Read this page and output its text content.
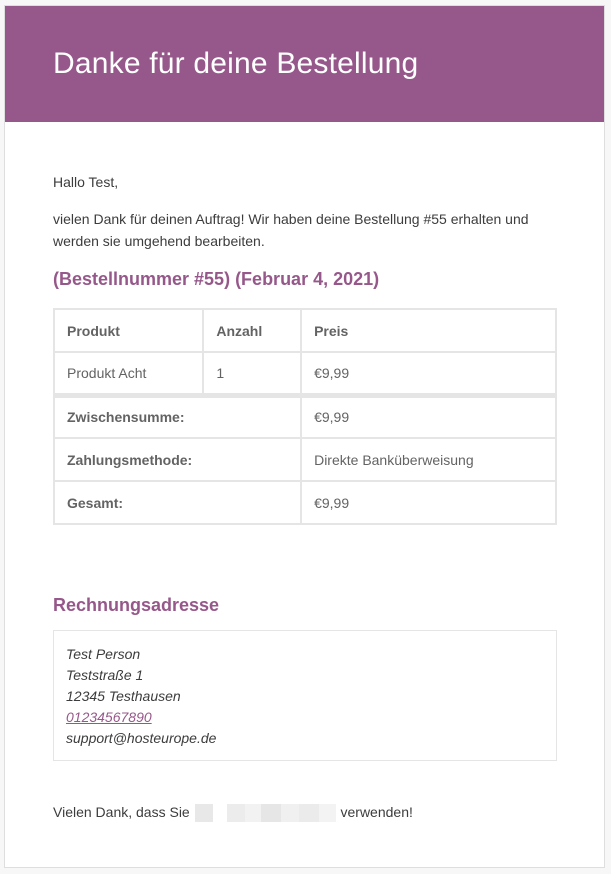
Danke für deine Bestellung

Hallo Test,

vielen Dank für deinen Auftrag! Wir haben deine Bestellung #55 erhalten und werden sie umgehend bearbeiten.

(Bestellnummer #55) (Februar 4, 2021)
Produkt	Anzahl	Preis
Produkt Acht	1	€9,99
Zwischensumme:		€9,99
Zahlungsmethode:		Direkte Banküberweisung
Gesamt:		€9,99
Rechnungsadresse
Test Person
Teststraße 1
12345 Testhausen
01234567890
support@hosteurope.de
Vielen Dank, dass Sie	verwenden!
